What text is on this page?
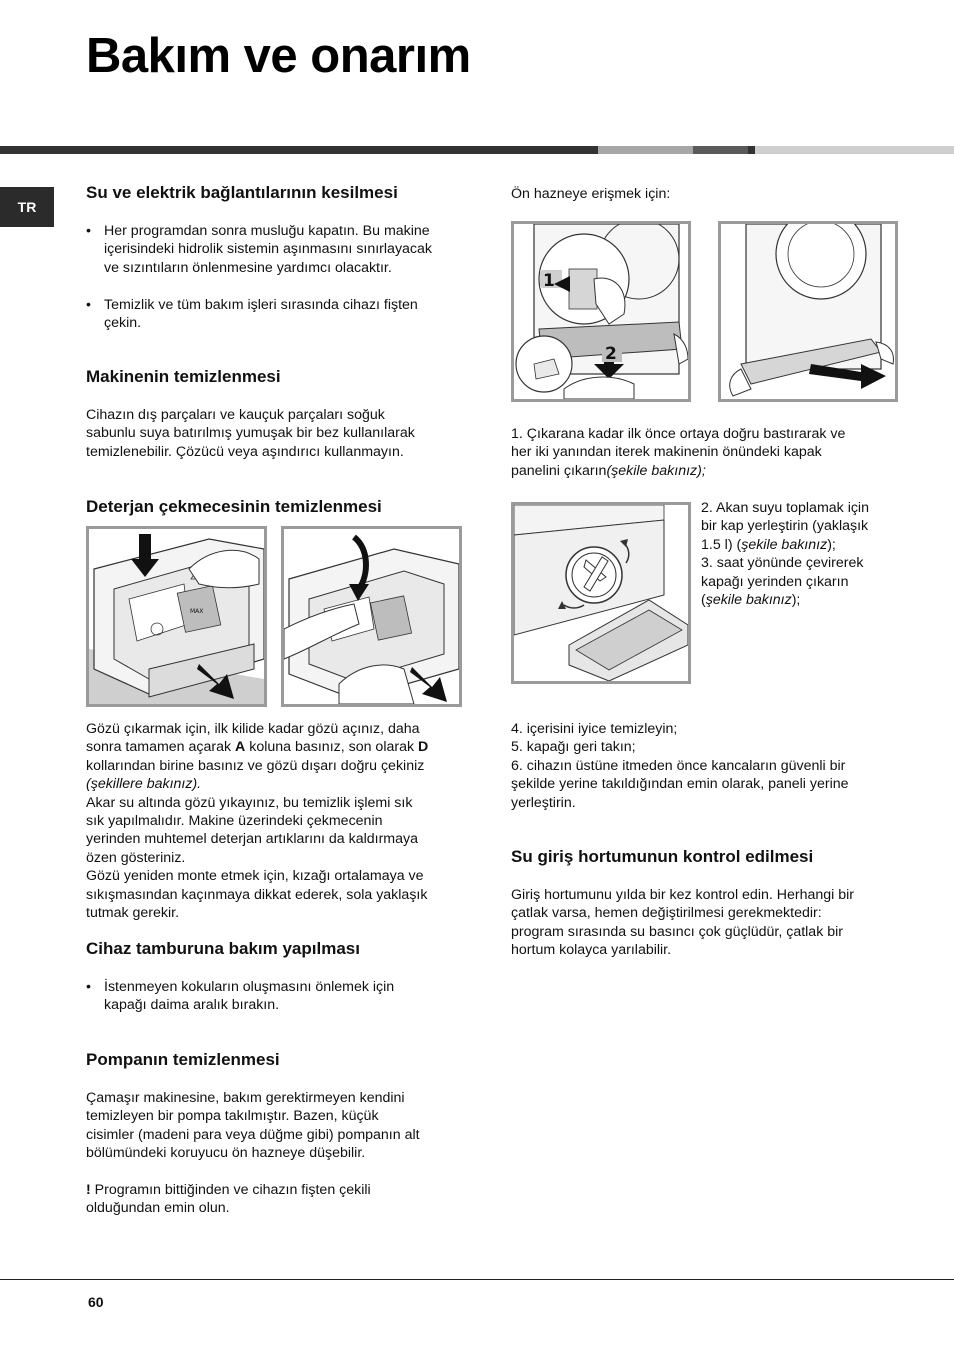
Bakım ve onarım
TR
Su ve elektrik bağlantılarının kesilmesi
• Her programdan sonra musluğu kapatın. Bu makine
içerisindeki hidrolik sistemin aşınmasını sınırlayacak
ve sızıntıların önlenmesine yardımcı olacaktır.
• Temizlik ve tüm bakım işleri sırasında cihazı fişten
çekin.
Makinenin temizlenmesi
Cihazın dış parçaları ve kauçuk parçaları soğuk
sabunlu suya batırılmış yumuşak bir bez kullanılarak
temizlenebilir. Çözücü veya aşındırıcı kullanmayın.
Deterjan çekmecesinin temizlenmesi
MAX
Gözü çıkarmak için, ilk kilide kadar gözü açınız, daha
sonra tamamen açarak A koluna basınız, son olarak D
kollarından birine basınız ve gözü dışarı doğru çekiniz
(şekillere bakınız).
Akar su altında gözü yıkayınız, bu temizlik işlemi sık
sık yapılmalıdır. Makine üzerindeki çekmecenin
yerinden muhtemel deterjan artıklarını da kaldırmaya
özen gösteriniz.
Gözü yeniden monte etmek için, kızağı ortalamaya ve
sıkışmasından kaçınmaya dikkat ederek, sola yaklaşık
tutmak gerekir.
Cihaz tamburuna bakım yapılması
• İstenmeyen kokuların oluşmasını önlemek için
kapağı daima aralık bırakın.
Pompanın temizlenmesi
Çamaşır makinesine, bakım gerektirmeyen kendini
temizleyen bir pompa takılmıştır. Bazen, küçük
cisimler (madeni para veya düğme gibi) pompanın alt
bölümündeki koruyucu ön hazneye düşebilir.
! Programın bittiğinden ve cihazın fişten çekili
olduğundan emin olun.
Ön hazneye erişmek için:
1
2
1. Çıkarana kadar ilk önce ortaya doğru bastırarak ve
her iki yanından iterek makinenin önündeki kapak
panelini çıkarın(şekile bakınız);
2. Akan suyu toplamak için
bir kap yerleştirin (yaklaşık
1.5 l) (şekile bakınız);
3. saat yönünde çevirerek
kapağı yerinden çıkarın
(şekile bakınız);
4. içerisini iyice temizleyin;
5. kapağı geri takın;
6. cihazın üstüne itmeden önce kancaların güvenli bir
şekilde yerine takıldığından emin olarak, paneli yerine
yerleştirin.
Su giriş hortumunun kontrol edilmesi
Giriş hortumunu yılda bir kez kontrol edin. Herhangi bir
çatlak varsa, hemen değiştirilmesi gerekmektedir:
program sırasında su basıncı çok güçlüdür, çatlak bir
hortum kolayca yarılabilir.
60
